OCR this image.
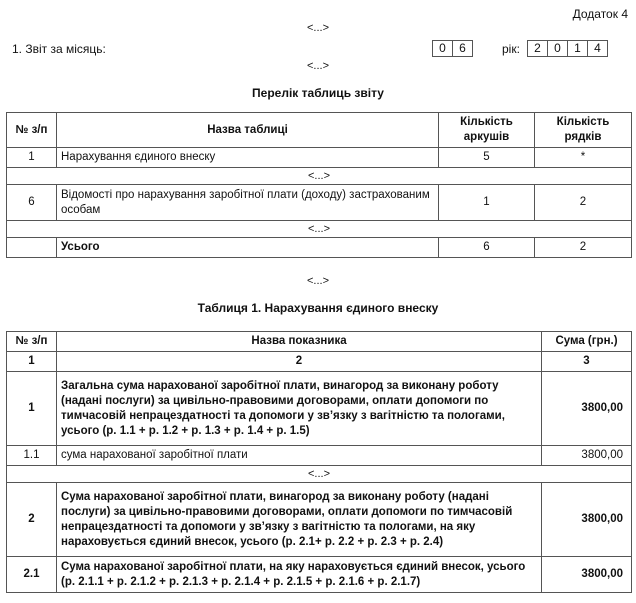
Додаток 4
<...>
1. Звіт за місяць:	0	6	рік:	2	0	1	4
<...>
Перелік таблиць звіту
№ з/п	Назва таблиці	Кількість аркушів	Кількість рядків
1	Нарахування єдиного внеску	5	*
<...>			
6	Відомості про нарахування заробітної плати (доходу) застрахованим особам	1	2
<...>			
	Усього	6	2
<...>
Таблиця 1. Нарахування єдиного внеску
№ з/п	Назва показника	Сума (грн.)
1	2	3
1	Загальна сума нарахованої заробітної плати, винагород за виконану роботу (надані послуги) за цивільно-правовими договорами, оплати допомоги по тимчасовій непрацездатності та допомоги у зв’язку з вагітністю та пологами, усього (р. 1.1 + р. 1.2 + р. 1.3 + р. 1.4 + р. 1.5)	3800,00
1.1	сума нарахованої заробітної плати	3800,00
<...>		
2	Сума нарахованої заробітної плати, винагород за виконану роботу (надані послуги) за цивільно-правовими договорами, оплати допомоги по тимчасовій непрацездатності та допомоги у зв’язку з вагітністю та пологами, на яку нараховується єдиний внесок, усього (р. 2.1+ р. 2.2 + р. 2.3 + р. 2.4)	3800,00
2.1	Сума нарахованої заробітної плати, на яку нараховується єдиний внесок, усього (р. 2.1.1 + р. 2.1.2 + р. 2.1.3 + р. 2.1.4 + р. 2.1.5 + р. 2.1.6 + р. 2.1.7)	3800,00
